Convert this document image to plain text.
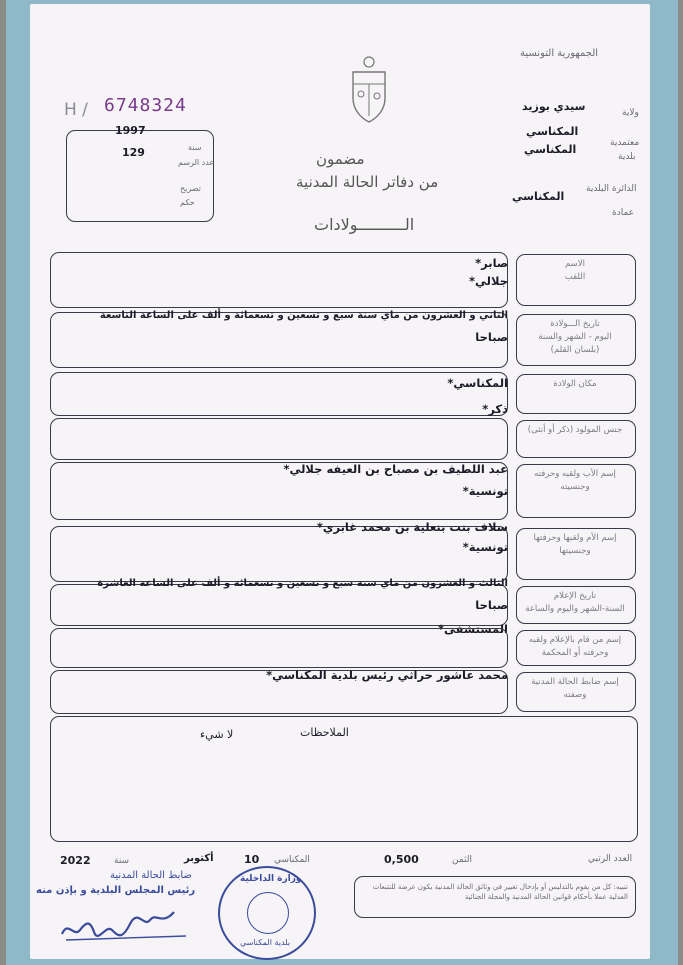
الجمهورية التونسية
H / 6748324
1997
سنة
129
عدد الرسم
تصريح
حكم
مضمون
من دفاتر الحالة المدنية
الــــــــــولادات
ولاية
سيدي بوزيد
معتمدية
المكناسي
بلدية
المكناسي
الدائرة البلدية
المكناسي
عمادة
الاسم
اللقب
صابر*
جلالي*
تاريخ الـــولادة
اليوم - الشهر والسنة
(بلسان القلم)
الثاني و العشرون من ماي سنة سبع و تسعين و تسعمائة و ألف على الساعة التاسعة
صباحا
مكان الولادة
المكناسي*
ذكر*
جنس المولود (ذكر أو أنثى)
إسم الأب ولقبه وحرفته
وجنسيته
عبد اللطيف بن مصباح بن العيفه جلالي*
تونسية*
إسم الأم ولقبها وحرفتها
وجنسيتها
سلاف بنت بنعلية بن محمد غابري*
تونسية*
تاريخ الإعلام
السنة-الشهر واليوم والساعة
الثالث و العشرون من ماي سنة سبع و تسعين و تسعمائة و ألف على الساعة العاشرة
صباحا
المستشفى*
إسم من قام بالإعلام ولقبه
وحرفته أو المحكمة
إسم ضابط الحالة المدنية
وصفته
محمد عاشور حراثي رئيس بلدية المكناسي*
الملاحظات
لا شيء
العدد الرتبي
الثمن
0,500
المكناسي
10
أكتوبر
سنة
2022
ضابط الحالة المدنية
رئيس المجلس البلدية و بإذن منه
وزارة الداخلية
بلدية المكناسي
تنبيه: كل من يقوم بالتدليس أو بإدخال تغيير في وثائق الحالة المدنية يكون عرضة للتتبعات العدلية عملا بأحكام قوانين الحالة المدنية والمجلة الجنائية
